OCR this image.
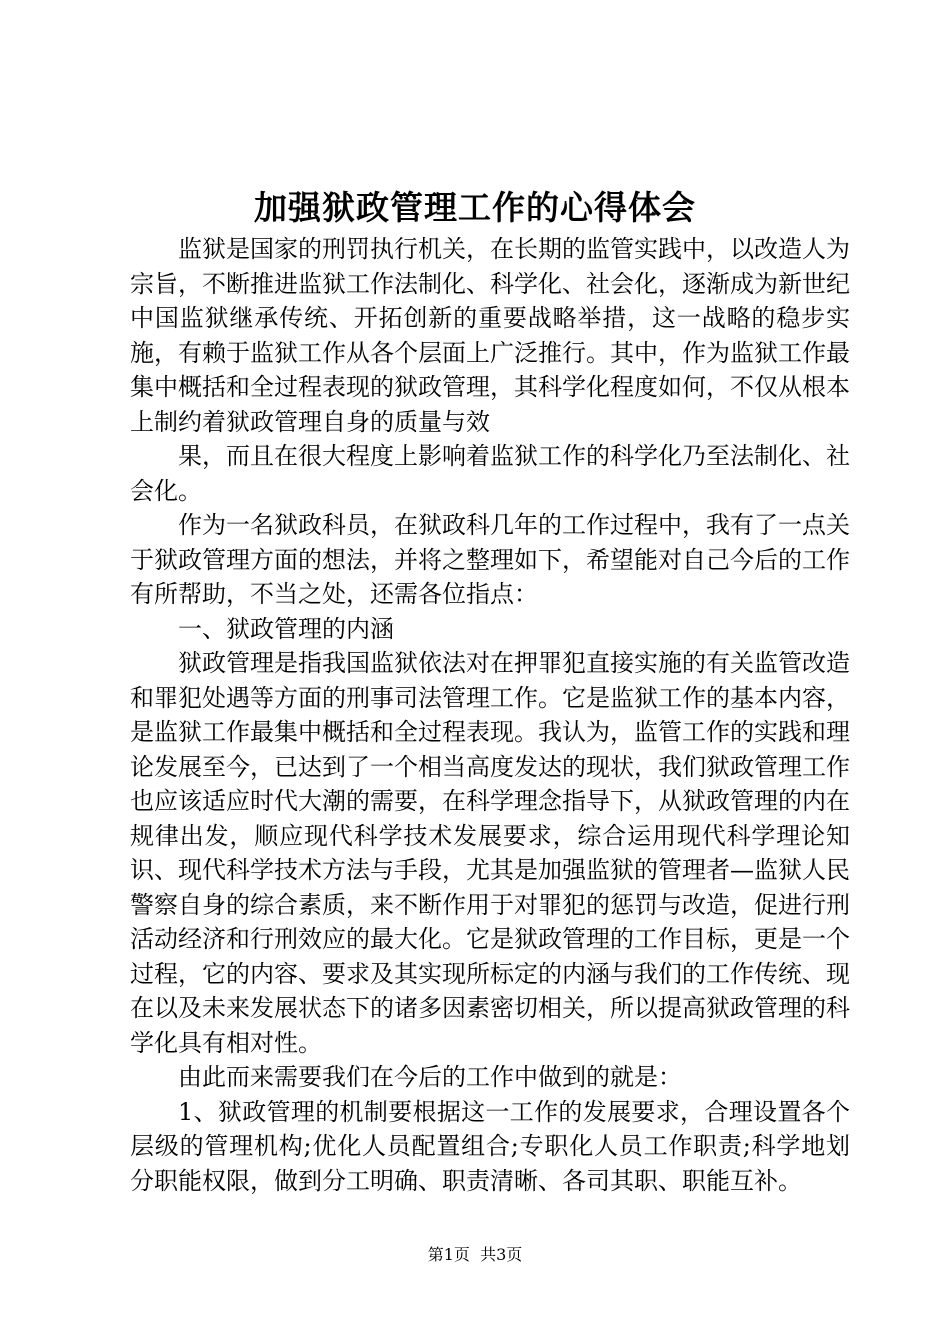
加强狱政管理工作的心得体会

监狱是国家的刑罚执行机关，在长期的监管实践中，以改造人为宗旨，不断推进监狱工作法制化、科学化、社会化，逐渐成为新世纪中国监狱继承传统、开拓创新的重要战略举措，这一战略的稳步实施，有赖于监狱工作从各个层面上广泛推行。其中，作为监狱工作最集中概括和全过程表现的狱政管理，其科学化程度如何，不仅从根本上制约着狱政管理自身的质量与效

果，而且在很大程度上影响着监狱工作的科学化乃至法制化、社会化。

作为一名狱政科员，在狱政科几年的工作过程中，我有了一点关于狱政管理方面的想法，并将之整理如下，希望能对自己今后的工作有所帮助，不当之处，还需各位指点：

一、狱政管理的内涵

狱政管理是指我国监狱依法对在押罪犯直接实施的有关监管改造和罪犯处遇等方面的刑事司法管理工作。它是监狱工作的基本内容，是监狱工作最集中概括和全过程表现。我认为，监管工作的实践和理论发展至今，已达到了一个相当高度发达的现状，我们狱政管理工作也应该适应时代大潮的需要，在科学理念指导下，从狱政管理的内在规律出发，顺应现代科学技术发展要求，综合运用现代科学理论知识、现代科学技术方法与手段，尤其是加强监狱的管理者—监狱人民警察自身的综合素质，来不断作用于对罪犯的惩罚与改造，促进行刑活动经济和行刑效应的最大化。它是狱政管理的工作目标，更是一个过程，它的内容、要求及其实现所标定的内涵与我们的工作传统、现在以及未来发展状态下的诸多因素密切相关，所以提高狱政管理的科学化具有相对性。

由此而来需要我们在今后的工作中做到的就是：

1、狱政管理的机制要根据这一工作的发展要求，合理设置各个层级的管理机构;优化人员配置组合;专职化人员工作职责;科学地划分职能权限，做到分工明确、职责清晰、各司其职、职能互补。

第1页  共3页
